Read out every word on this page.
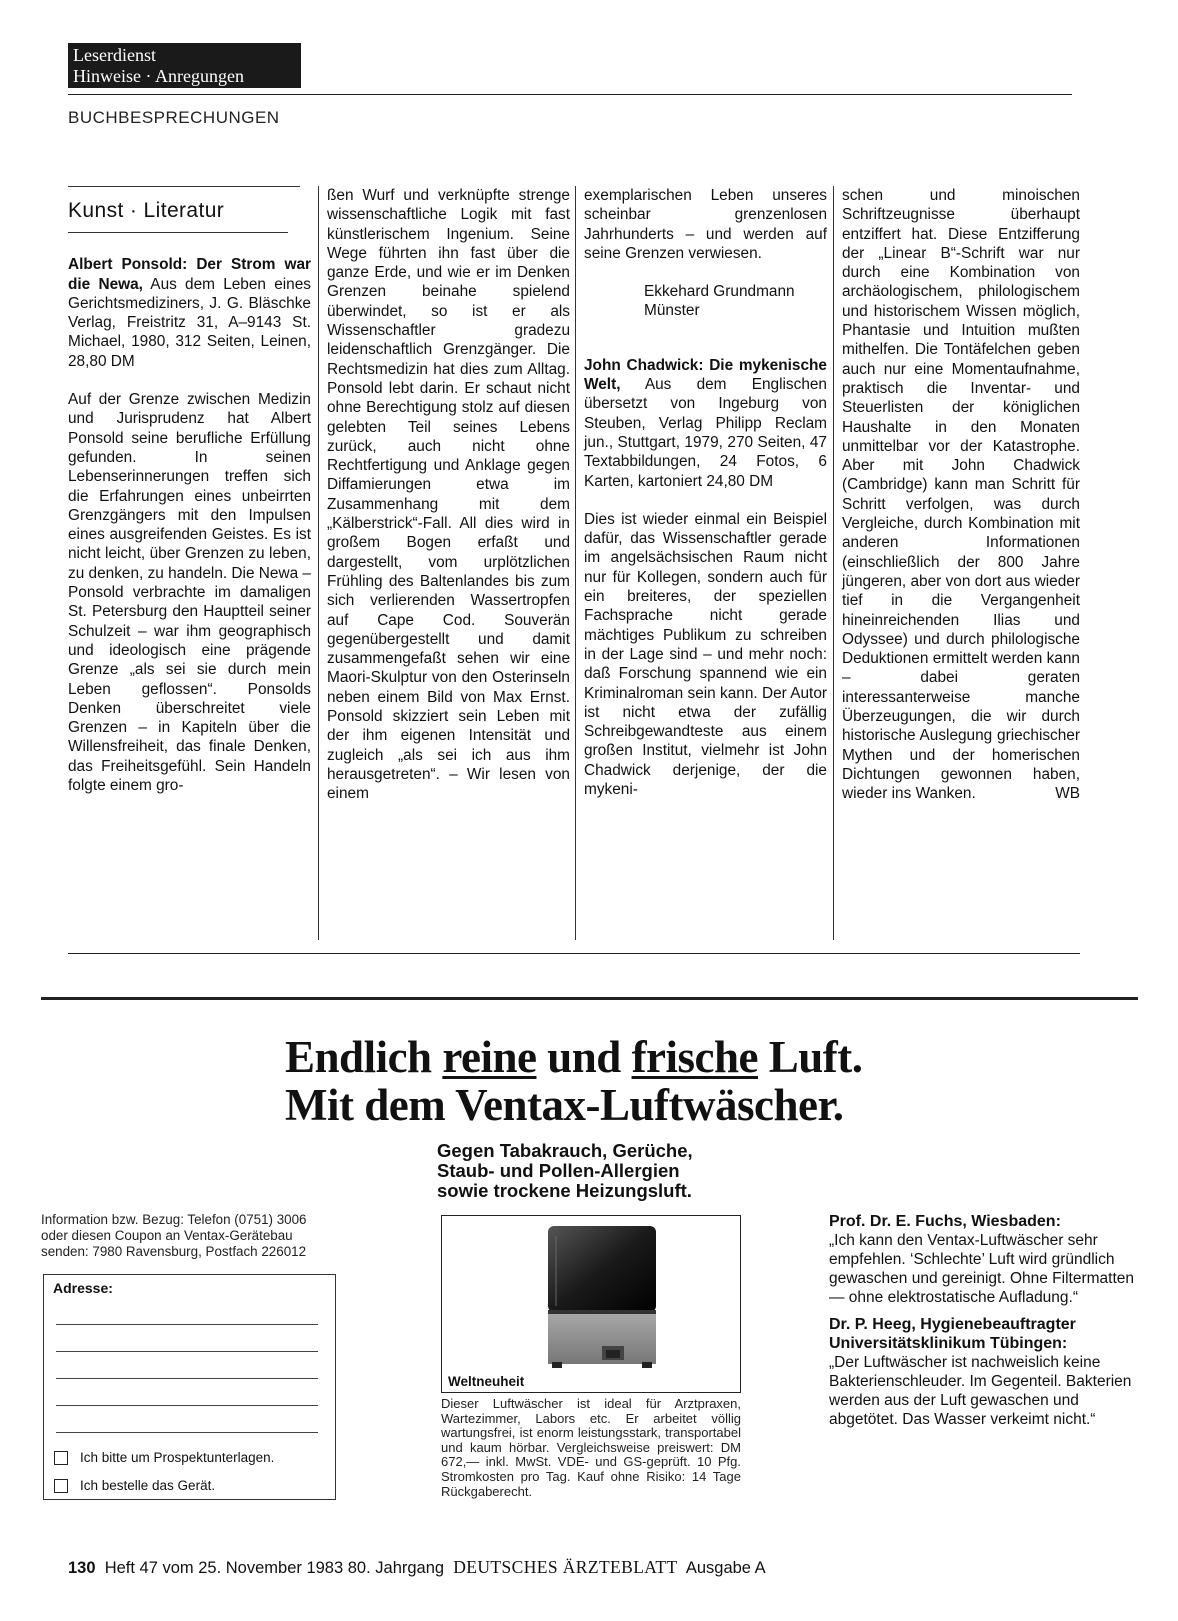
Leserdienst
Hinweise · Anregungen
BUCHBESPRECHUNGEN
Kunst · Literatur

Albert Ponsold: Der Strom war die Newa, Aus dem Leben eines Gerichtsmediziners, J. G. Bläschke Verlag, Freistritz 31, A–9143 St. Michael, 1980, 312 Seiten, Leinen, 28,80 DM

Auf der Grenze zwischen Medizin und Jurisprudenz hat Albert Ponsold seine berufliche Erfüllung gefunden. In seinen Lebenserinnerungen treffen sich die Erfahrungen eines unbeirrten Grenzgängers mit den Impulsen eines ausgreifenden Geistes. Es ist nicht leicht, über Grenzen zu leben, zu denken, zu handeln. Die Newa – Ponsold verbrachte im damaligen St. Petersburg den Hauptteil seiner Schulzeit – war ihm geographisch und ideologisch eine prägende Grenze „als sei sie durch mein Leben geflossen“. Ponsolds Denken überschreitet viele Grenzen – in Kapiteln über die Willensfreiheit, das finale Denken, das Freiheitsgefühl. Sein Handeln folgte einem gro-

ßen Wurf und verknüpfte strenge wissenschaftliche Logik mit fast künstlerischem Ingenium. Seine Wege führten ihn fast über die ganze Erde, und wie er im Denken Grenzen beinahe spielend überwindet, so ist er als Wissenschaftler gradezu leidenschaftlich Grenzgänger. Die Rechtsmedizin hat dies zum Alltag. Ponsold lebt darin. Er schaut nicht ohne Berechtigung stolz auf diesen gelebten Teil seines Lebens zurück, auch nicht ohne Rechtfertigung und Anklage gegen Diffamierungen etwa im Zusammenhang mit dem „Kälberstrick“-Fall. All dies wird in großem Bogen erfaßt und dargestellt, vom urplötzlichen Frühling des Baltenlandes bis zum sich verlierenden Wassertropfen auf Cape Cod. Souverän gegenübergestellt und damit zusammengefaßt sehen wir eine Maori-Skulptur von den Osterinseln neben einem Bild von Max Ernst. Ponsold skizziert sein Leben mit der ihm eigenen Intensität und zugleich „als sei ich aus ihm herausgetreten“. – Wir lesen von einem

exemplarischen Leben unseres scheinbar grenzenlosen Jahrhunderts – und werden auf seine Grenzen verwiesen.

Ekkehard Grundmann
Münster

John Chadwick: Die mykenische Welt, Aus dem Englischen übersetzt von Ingeburg von Steuben, Verlag Philipp Reclam jun., Stuttgart, 1979, 270 Seiten, 47 Textabbildungen, 24 Fotos, 6 Karten, kartoniert 24,80 DM

Dies ist wieder einmal ein Beispiel dafür, das Wissenschaftler gerade im angelsächsischen Raum nicht nur für Kollegen, sondern auch für ein breiteres, der speziellen Fachsprache nicht gerade mächtiges Publikum zu schreiben in der Lage sind – und mehr noch: daß Forschung spannend wie ein Kriminalroman sein kann. Der Autor ist nicht etwa der zufällig Schreibgewandteste aus einem großen Institut, vielmehr ist John Chadwick derjenige, der die mykeni-

schen und minoischen Schriftzeugnisse überhaupt entziffert hat. Diese Entzifferung der „Linear B“-Schrift war nur durch eine Kombination von archäologischem, philologischem und historischem Wissen möglich, Phantasie und Intuition mußten mithelfen. Die Tontäfelchen geben auch nur eine Momentaufnahme, praktisch die Inventar- und Steuerlisten der königlichen Haushalte in den Monaten unmittelbar vor der Katastrophe. Aber mit John Chadwick (Cambridge) kann man Schritt für Schritt verfolgen, was durch Vergleiche, durch Kombination mit anderen Informationen (einschließlich der 800 Jahre jüngeren, aber von dort aus wieder tief in die Vergangenheit hineinreichenden Ilias und Odyssee) und durch philologische Deduktionen ermittelt werden kann – dabei geraten interessanterweise manche Überzeugungen, die wir durch historische Auslegung griechischer Mythen und der homerischen Dichtungen gewonnen haben, wieder ins Wanken.	WB

Endlich reine und frische Luft.
Mit dem Ventax-Luftwäscher.
Gegen Tabakrauch, Gerüche,
Staub- und Pollen-Allergien
sowie trockene Heizungsluft.
Information bzw. Bezug: Telefon (0751) 3006
oder diesen Coupon an Ventax-Gerätebau
senden: 7980 Ravensburg, Postfach 226012
Adresse:
Ich bitte um Prospektunterlagen.
Ich bestelle das Gerät.
Weltneuheit
Dieser Luftwäscher ist ideal für Arztpraxen, Wartezimmer, Labors etc. Er arbeitet völlig wartungsfrei, ist enorm leistungsstark, transportabel und kaum hörbar. Vergleichsweise preiswert: DM 672,— inkl. MwSt. VDE- und GS-geprüft. 10 Pfg. Stromkosten pro Tag. Kauf ohne Risiko: 14 Tage Rückgaberecht.
Prof. Dr. E. Fuchs, Wiesbaden:

„Ich kann den Ventax-Luftwäscher sehr empfehlen. ‘Schlechte’ Luft wird gründlich gewaschen und gereinigt. Ohne Filtermatten — ohne elektrostatische Aufladung.“

Dr. P. Heeg, Hygienebeauftragter
Universitätsklinikum Tübingen:

„Der Luftwäscher ist nachweislich keine Bakterienschleuder. Im Gegenteil. Bakterien werden aus der Luft gewaschen und abgetötet. Das Wasser verkeimt nicht.“

130 Heft 47 vom 25. November 1983 80. Jahrgang DEUTSCHES ÄRZTEBLATT Ausgabe A
